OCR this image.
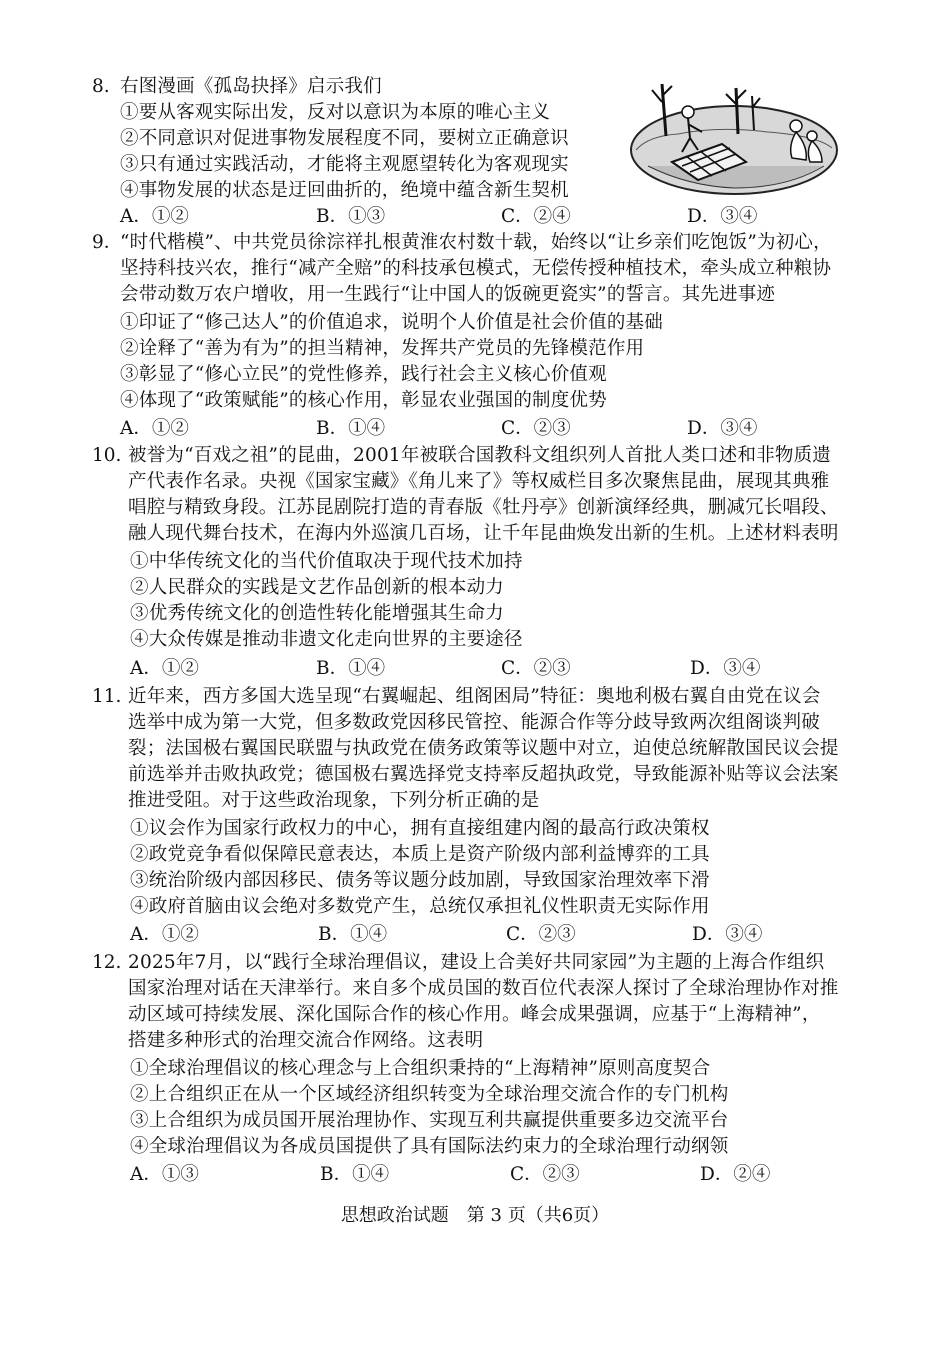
8. 右图漫画《孤岛抉择》启示我们
①要从客观实际出发，反对以意识为本原的唯心主义
②不同意识对促进事物发展程度不同，要树立正确意识
③只有通过实践活动，才能将主观愿望转化为客观现实
④事物发展的状态是迂回曲折的，绝境中蕴含新生契机
A．①②	B．①③	C．②④	D．③④
9．
“时代楷模”、中共党员徐淙祥扎根黄淮农村数十载，始终以“让乡亲们吃饱饭”为初心，
坚持科技兴农，推行“减产全赔”的科技承包模式，无偿传授种植技术，牵头成立种粮协
会带动数万农户增收，用一生践行“让中国人的饭碗更瓷实”的誓言。其先进事迹
①印证了“修己达人”的价值追求，说明个人价值是社会价值的基础
②诠释了“善为有为”的担当精神，发挥共产党员的先锋模范作用
③彰显了“修心立民”的党性修养，践行社会主义核心价值观
④体现了“政策赋能”的核心作用，彰显农业强国的制度优势
A．①②	B．①④	C．②③	D．③④
10. 被誉为“百戏之祖”的昆曲，2001年被联合国教科文组织列人首批人类口述和非物质遗
产代表作名录。央视《国家宝藏》《角儿来了》等权威栏目多次聚焦昆曲，展现其典雅
唱腔与精致身段。江苏昆剧院打造的青春版《牡丹亭》创新演绎经典，删减冗长唱段、
融人现代舞台技术，在海内外巡演几百场，让千年昆曲焕发出新的生机。上述材料表明
①中华传统文化的当代价值取决于现代技术加持
②人民群众的实践是文艺作品创新的根本动力
③优秀传统文化的创造性转化能增强其生命力
④大众传媒是推动非遗文化走向世界的主要途径
A．①②	B．①④	C．②③	D．③④
11. 近年来，西方多国大选呈现“右翼崛起、组阁困局”特征：奥地利极右翼自由党在议会
选举中成为第一大党，但多数政党因移民管控、能源合作等分歧导致两次组阁谈判破
裂；法国极右翼国民联盟与执政党在债务政策等议题中对立，迫使总统解散国民议会提
前选举并击败执政党；德国极右翼选择党支持率反超执政党，导致能源补贴等议会法案
推进受阻。对于这些政治现象，下列分析正确的是
①议会作为国家行政权力的中心，拥有直接组建内阁的最高行政决策权
②政党竞争看似保障民意表达，本质上是资产阶级内部利益博弈的工具
③统治阶级内部因移民、债务等议题分歧加剧，导致国家治理效率下滑
④政府首脑由议会绝对多数党产生，总统仅承担礼仪性职责无实际作用
A．①②	B．①④	C．②③	D．③④
12. 2025年7月，以“践行全球治理倡议，建设上合美好共同家园”为主题的上海合作组织
国家治理对话在天津举行。来自多个成员国的数百位代表深人探讨了全球治理协作对推
动区域可持续发展、深化国际合作的核心作用。峰会成果强调，应基于“上海精神”，
搭建多种形式的治理交流合作网络。这表明
①全球治理倡议的核心理念与上合组织秉持的“上海精神”原则高度契合
②上合组织正在从一个区域经济组织转变为全球治理交流合作的专门机构
③上合组织为成员国开展治理协作、实现互利共赢提供重要多边交流平台
④全球治理倡议为各成员国提供了具有国际法约束力的全球治理行动纲领
A．①③	B．①④	C．②③	D．②④
思想政治试题　第 3 页（共6页）
